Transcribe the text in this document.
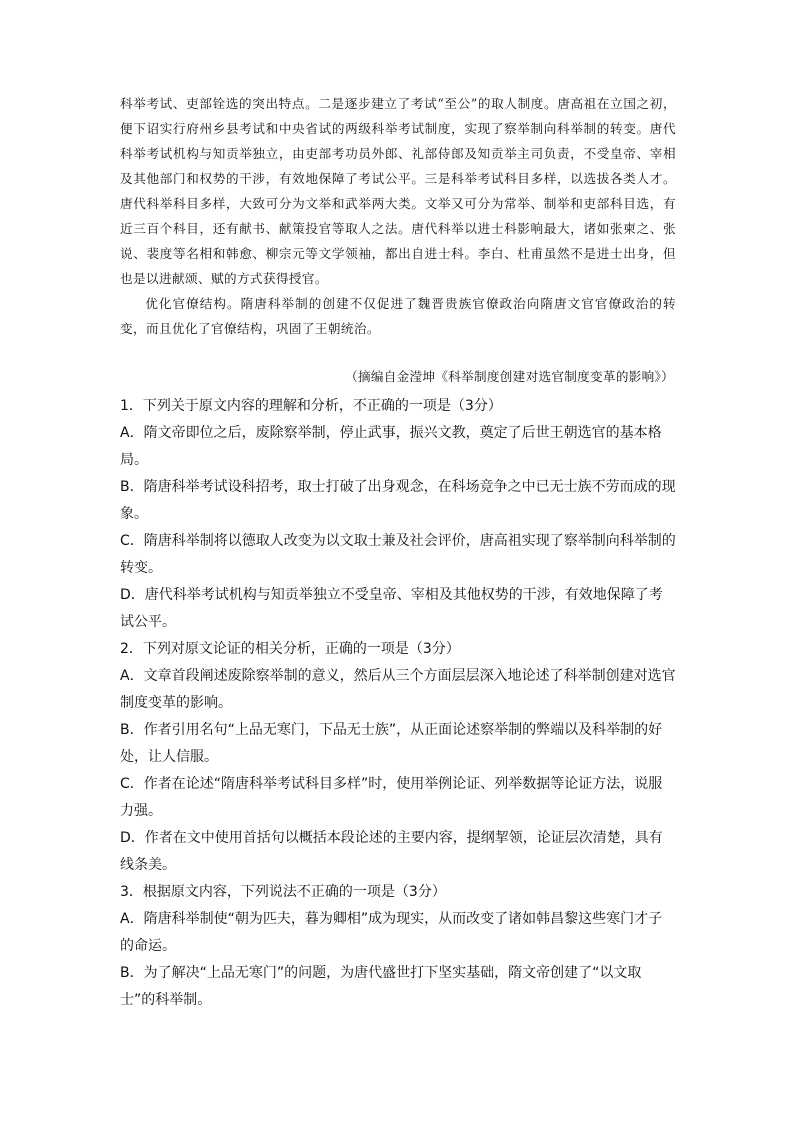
科举考试、吏部铨选的突出特点。二是逐步建立了考试“至公”的取人制度。唐高祖在立国之初，便下诏实行府州乡县考试和中央省试的两级科举考试制度，实现了察举制向科举制的转变。唐代科举考试机构与知贡举独立，由吏部考功员外郎、礼部侍郎及知贡举主司负责，不受皇帝、宰相及其他部门和权势的干涉，有效地保障了考试公平。三是科举考试科目多样，以选拔各类人才。唐代科举科目多样，大致可分为文举和武举两大类。文举又可分为常举、制举和吏部科目选，有近三百个科目，还有献书、献策投官等取人之法。唐代科举以进士科影响最大，诸如张柬之、张说、裴度等名相和韩愈、柳宗元等文学领袖，都出自进士科。李白、杜甫虽然不是进士出身，但也是以进献颂、赋的方式获得授官。

优化官僚结构。隋唐科举制的创建不仅促进了魏晋贵族官僚政治向隋唐文官官僚政治的转变，而且优化了官僚结构，巩固了王朝统治。

（摘编自金滢坤《科举制度创建对选官制度变革的影响》）

1．下列关于原文内容的理解和分析，不正确的一项是（3分）

A．隋文帝即位之后，废除察举制，停止武事，振兴文教，奠定了后世王朝选官的基本格局。

B．隋唐科举考试设科招考，取士打破了出身观念，在科场竞争之中已无士族不劳而成的现象。

C．隋唐科举制将以德取人改变为以文取士兼及社会评价，唐高祖实现了察举制向科举制的转变。

D．唐代科举考试机构与知贡举独立不受皇帝、宰相及其他权势的干涉，有效地保障了考试公平。

2．下列对原文论证的相关分析，正确的一项是（3分）

A．文章首段阐述废除察举制的意义，然后从三个方面层层深入地论述了科举制创建对选官制度变革的影响。

B．作者引用名句“上品无寒门，下品无士族”，从正面论述察举制的弊端以及科举制的好处，让人信服。

C．作者在论述“隋唐科举考试科目多样”时，使用举例论证、列举数据等论证方法，说服力强。

D．作者在文中使用首括句以概括本段论述的主要内容，提纲挈领，论证层次清楚，具有线条美。

3．根据原文内容，下列说法不正确的一项是（3分）

A．隋唐科举制使“朝为匹夫，暮为卿相”成为现实，从而改变了诸如韩昌黎这些寒门才子的命运。

B．为了解决“上品无寒门”的问题，为唐代盛世打下坚实基础，隋文帝创建了“以文取士”的科举制。
